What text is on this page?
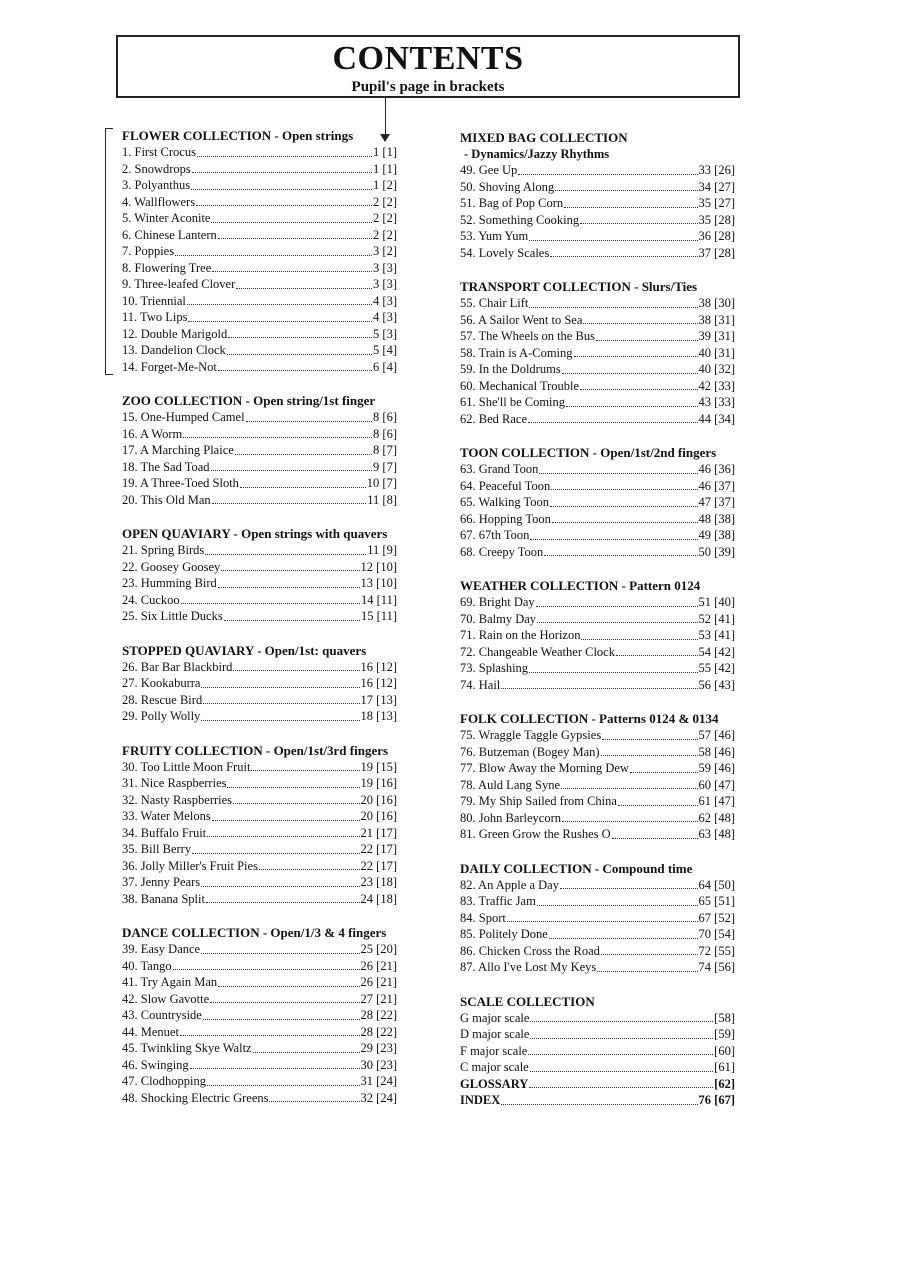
CONTENTS
Pupil's page in brackets
FLOWER COLLECTION - Open strings
1. First Crocus	1 [1]
2. Snowdrops	1 [1]
3. Polyanthus	1 [2]
4. Wallflowers	2 [2]
5. Winter Aconite	2 [2]
6. Chinese Lantern	2 [2]
7. Poppies	3 [2]
8. Flowering Tree	3 [3]
9. Three-leafed Clover	3 [3]
10. Triennial	4 [3]
11. Two Lips	4 [3]
12. Double Marigold	5 [3]
13. Dandelion Clock	5 [4]
14. Forget-Me-Not	6 [4]
ZOO COLLECTION - Open string/1st finger
15. One-Humped Camel	8 [6]
16. A Worm	8 [6]
17. A Marching Plaice	8 [7]
18. The Sad Toad	9 [7]
19. A Three-Toed Sloth	10 [7]
20. This Old Man	11 [8]
OPEN QUAVIARY - Open strings with quavers
21. Spring Birds	11 [9]
22. Goosey Goosey	12 [10]
23. Humming Bird	13 [10]
24. Cuckoo	14 [11]
25. Six Little Ducks	15 [11]
STOPPED QUAVIARY - Open/1st: quavers
26. Bar Bar Blackbird	16 [12]
27. Kookaburra	16 [12]
28. Rescue Bird	17 [13]
29. Polly Wolly	18 [13]
FRUITY COLLECTION - Open/1st/3rd fingers
30. Too Little Moon Fruit	19 [15]
31. Nice Raspberries	19 [16]
32. Nasty Raspberries	20 [16]
33. Water Melons	20 [16]
34. Buffalo Fruit	21 [17]
35. Bill Berry	22 [17]
36. Jolly Miller's Fruit Pies	22 [17]
37. Jenny Pears	23 [18]
38. Banana Split	24 [18]
DANCE COLLECTION - Open/1/3 & 4 fingers
39. Easy Dance	25 [20]
40. Tango	26 [21]
41. Try Again Man	26 [21]
42. Slow Gavotte	27 [21]
43. Countryside	28 [22]
44. Menuet	28 [22]
45. Twinkling Skye Waltz	29 [23]
46. Swinging	30 [23]
47. Clodhopping	31 [24]
48. Shocking Electric Greens	32 [24]
MIXED BAG COLLECTION
- Dynamics/Jazzy Rhythms
49. Gee Up	33 [26]
50. Shoving Along	34 [27]
51. Bag of Pop Corn	35 [27]
52. Something Cooking	35 [28]
53. Yum Yum	36 [28]
54. Lovely Scales	37 [28]
TRANSPORT COLLECTION - Slurs/Ties
55. Chair Lift	38 [30]
56. A Sailor Went to Sea	38 [31]
57. The Wheels on the Bus	39 [31]
58. Train is A-Coming	40 [31]
59. In the Doldrums	40 [32]
60. Mechanical Trouble	42 [33]
61. She'll be Coming	43 [33]
62. Bed Race	44 [34]
TOON COLLECTION - Open/1st/2nd fingers
63. Grand Toon	46 [36]
64. Peaceful Toon	46 [37]
65. Walking Toon	47 [37]
66. Hopping Toon	48 [38]
67. 67th Toon	49 [38]
68. Creepy Toon	50 [39]
WEATHER COLLECTION - Pattern 0124
69. Bright Day	51 [40]
70. Balmy Day	52 [41]
71. Rain on the Horizon	53 [41]
72. Changeable Weather Clock	54 [42]
73. Splashing	55 [42]
74. Hail	56 [43]
FOLK COLLECTION - Patterns 0124 & 0134
75. Wraggle Taggle Gypsies	57 [46]
76. Butzeman (Bogey Man)	58 [46]
77. Blow Away the Morning Dew	59 [46]
78. Auld Lang Syne	60 [47]
79. My Ship Sailed from China	61 [47]
80. John Barleycorn	62 [48]
81. Green Grow the Rushes O	63 [48]
DAILY COLLECTION - Compound time
82. An Apple a Day	64 [50]
83. Traffic Jam	65 [51]
84. Sport	67 [52]
85. Politely Done	70 [54]
86. Chicken Cross the Road	72 [55]
87. Allo I've Lost My Keys	74 [56]
SCALE COLLECTION
G major scale	[58]
D major scale	[59]
F major scale	[60]
C major scale	[61]
GLOSSARY	[62]
INDEX	76 [67]
